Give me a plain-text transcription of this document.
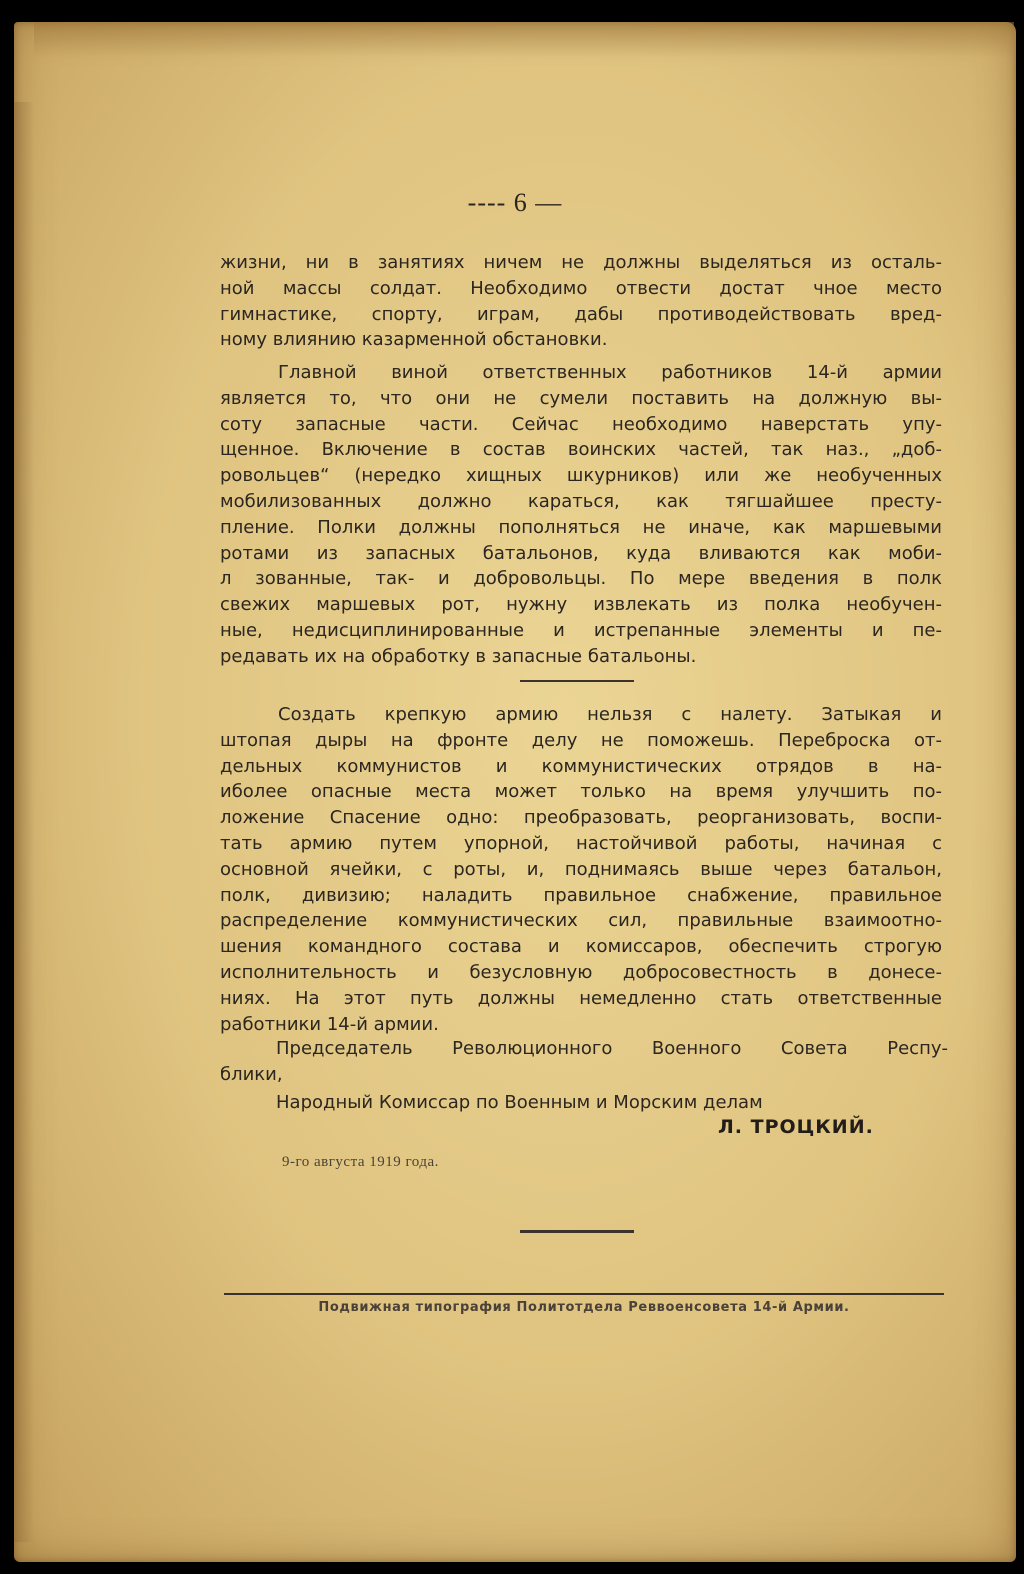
---- 6 —
жизни, ни в занятиях ничем не должны выделяться из осталь-
ной массы солдат. Необходимо отвести достат чное место
гимнастике, спорту, играм, дабы противодействовать вред-
ному влиянию казарменной обстановки.
Главной виной ответственных работников 14-й армии
является то, что они не сумели поставить на должную вы-
соту запасные части. Сейчас необходимо наверстать упу-
щенное. Включение в состав воинских частей, так наз., „доб-
ровольцев“ (нередко хищных шкурников) или же необученных
мобилизованных должно караться, как тягшайшее престу-
пление. Полки должны пополняться не иначе, как маршевыми
ротами из запасных батальонов, куда вливаются как моби-
л зованные, так- и добровольцы. По мере введения в полк
свежих маршевых рот, нужну извлекать из полка необучен-
ные, недисциплинированные и истрепанные элементы и пе-
редавать их на обработку в запасные батальоны.
Создать крепкую армию нельзя с налету. Затыкая и
штопая дыры на фронте делу не поможешь. Переброска от-
дельных коммунистов и коммунистических отрядов в на-
иболее опасные места может только на время улучшить по-
ложение Спасение одно: преобразовать, реорганизовать, воспи-
тать армию путем упорной, настойчивой работы, начиная с
основной ячейки, с роты, и, поднимаясь выше через батальон,
полк, дивизию; наладить правильное снабжение, правильное
распределение коммунистических сил, правильные взаимоотно-
шения командного состава и комиссаров, обеспечить строгую
исполнительность и безусловную добросовестность в донесе-
ниях. На этот путь должны немедленно стать ответственные
работники 14-й армии.
Председатель Революционного Военного Совета Респу-
блики,
Народный Комиссар по Военным и Морским делам
Л. ТРОЦКИЙ.
9-го августа 1919 года.
Подвижная типография Политотдела Реввоенсовета 14-й Армии.
